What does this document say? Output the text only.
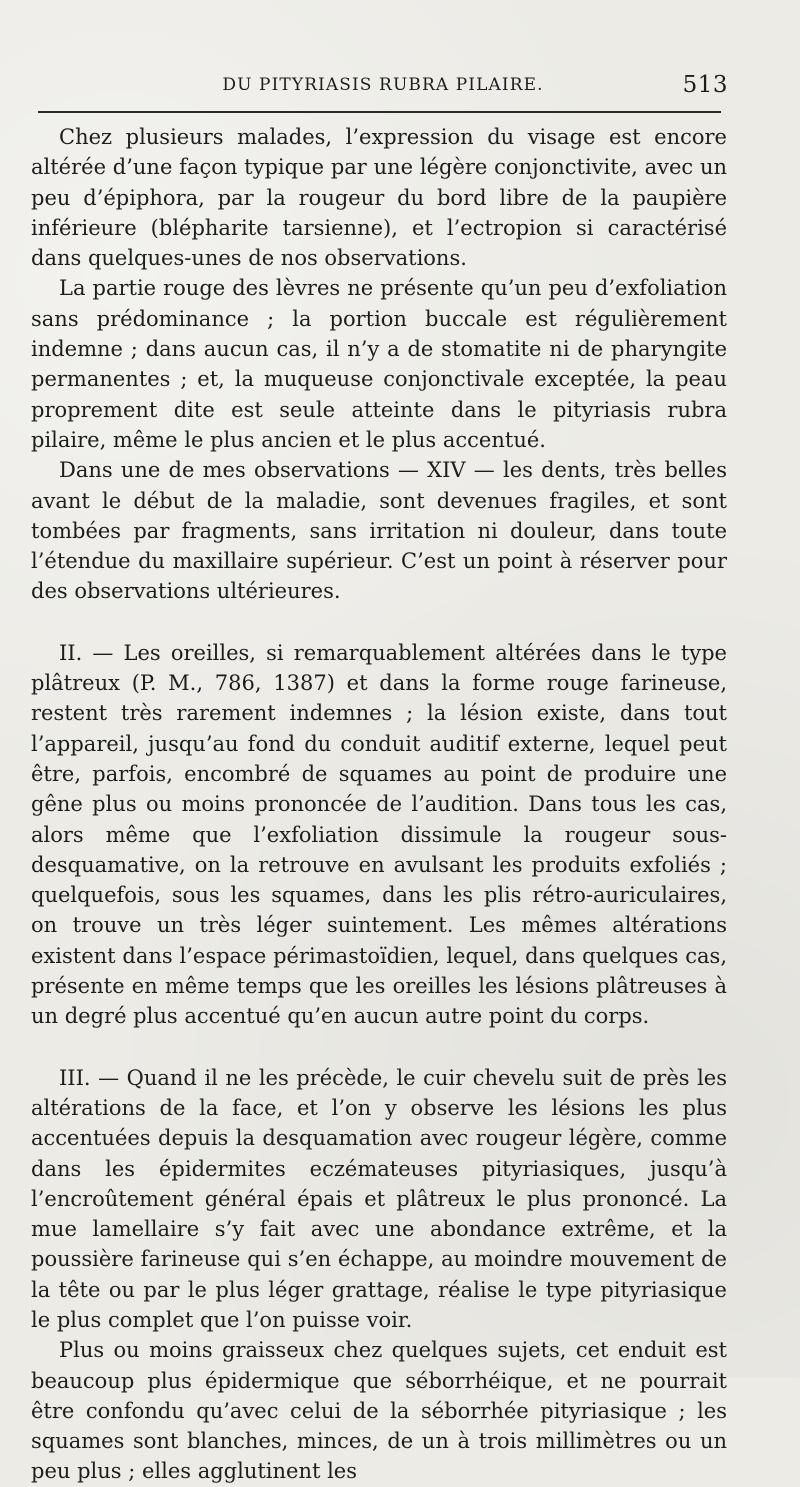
DU PITYRIASIS RUBRA PILAIRE.	513

Chez plusieurs malades, l’expression du visage est encore altérée d’une façon typique par une légère conjonctivite, avec un peu d’épiphora, par la rougeur du bord libre de la paupière inférieure (blépharite tarsienne), et l’ectropion si caractérisé dans quelques-unes de nos observations.

La partie rouge des lèvres ne présente qu’un peu d’exfoliation sans prédominance ; la portion buccale est régulièrement indemne ; dans aucun cas, il n’y a de stomatite ni de pharyngite permanentes ; et, la muqueuse conjonctivale exceptée, la peau proprement dite est seule atteinte dans le pityriasis rubra pilaire, même le plus ancien et le plus accentué.

Dans une de mes observations — XIV — les dents, très belles avant le début de la maladie, sont devenues fragiles, et sont tombées par fragments, sans irritation ni douleur, dans toute l’étendue du maxillaire supérieur. C’est un point à réserver pour des observations ultérieures.

II. — Les oreilles, si remarquablement altérées dans le type plâtreux (P. M., 786, 1387) et dans la forme rouge farineuse, restent très rarement indemnes ; la lésion existe, dans tout l’appareil, jusqu’au fond du conduit auditif externe, lequel peut être, parfois, encombré de squames au point de produire une gêne plus ou moins prononcée de l’audition. Dans tous les cas, alors même que l’exfoliation dissimule la rougeur sous-desquamative, on la retrouve en avulsant les produits exfoliés ; quelquefois, sous les squames, dans les plis rétro-auriculaires, on trouve un très léger suintement. Les mêmes altérations existent dans l’espace périmastoïdien, lequel, dans quelques cas, présente en même temps que les oreilles les lésions plâtreuses à un degré plus accentué qu’en aucun autre point du corps.

III. — Quand il ne les précède, le cuir chevelu suit de près les altérations de la face, et l’on y observe les lésions les plus accentuées depuis la desquamation avec rougeur légère, comme dans les épidermites eczémateuses pityriasiques, jusqu’à l’encroûtement général épais et plâtreux le plus prononcé. La mue lamellaire s’y fait avec une abondance extrême, et la poussière farineuse qui s’en échappe, au moindre mouvement de la tête ou par le plus léger grattage, réalise le type pityriasique le plus complet que l’on puisse voir.

Plus ou moins graisseux chez quelques sujets, cet enduit est beaucoup plus épidermique que séborrhéique, et ne pourrait être confondu qu’avec celui de la séborrhée pityriasique ; les squames sont blanches, minces, de un à trois millimètres ou un peu plus ; elles agglutinent les
